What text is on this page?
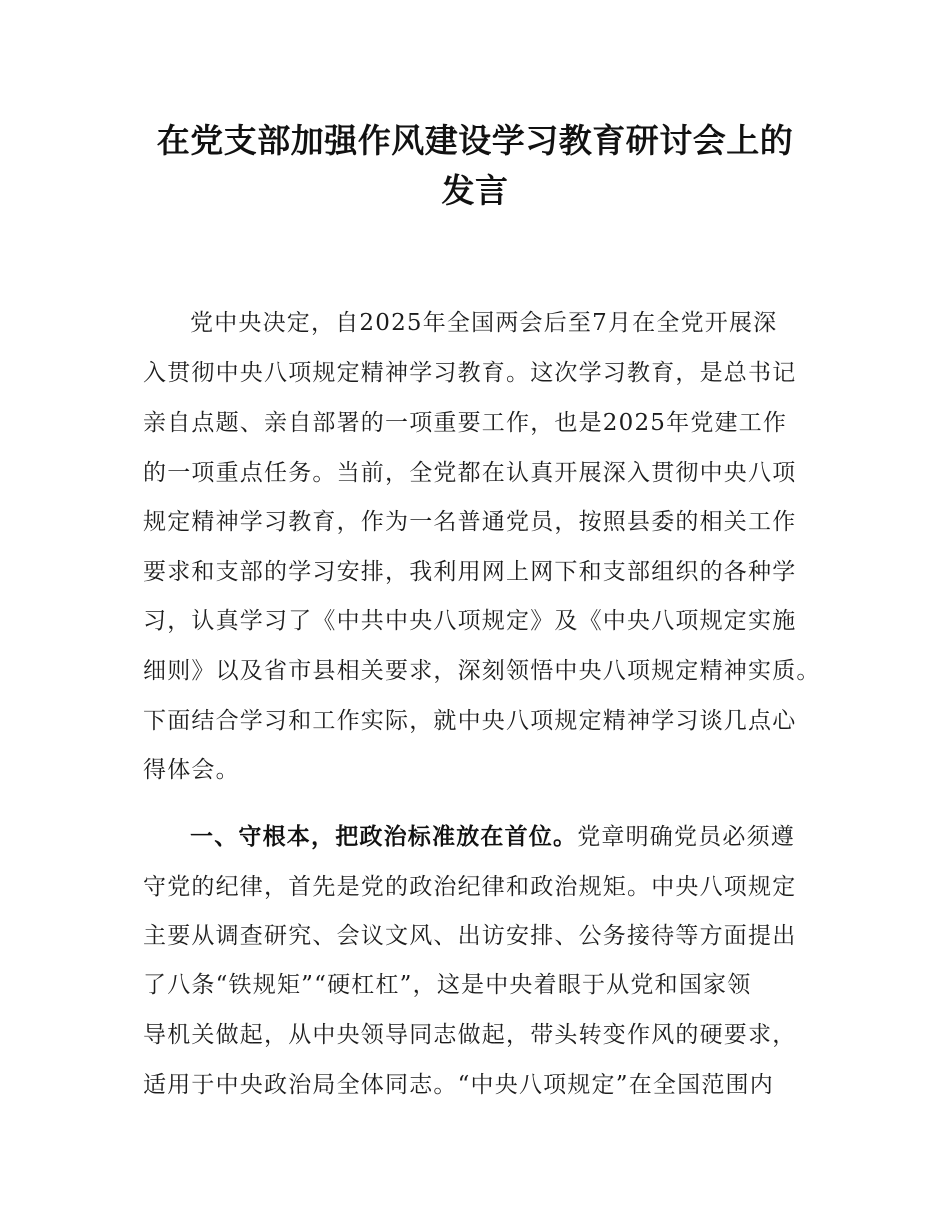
在党支部加强作风建设学习教育研讨会上的
发言
党中央决定，自2025年全国两会后至7月在全党开展深
入贯彻中央八项规定精神学习教育。这次学习教育，是总书记
亲自点题、亲自部署的一项重要工作，也是2025年党建工作
的一项重点任务。当前，全党都在认真开展深入贯彻中央八项
规定精神学习教育，作为一名普通党员，按照县委的相关工作
要求和支部的学习安排，我利用网上网下和支部组织的各种学
习，认真学习了《中共中央八项规定》及《中央八项规定实施
细则》以及省市县相关要求，深刻领悟中央八项规定精神实质。
下面结合学习和工作实际，就中央八项规定精神学习谈几点心
得体会。
一、守根本，把政治标准放在首位。党章明确党员必须遵
守党的纪律，首先是党的政治纪律和政治规矩。中央八项规定
主要从调查研究、会议文风、出访安排、公务接待等方面提出
了八条“铁规矩”“硬杠杠”，这是中央着眼于从党和国家领
导机关做起，从中央领导同志做起，带头转变作风的硬要求，
适用于中央政治局全体同志。“中央八项规定”在全国范围内
